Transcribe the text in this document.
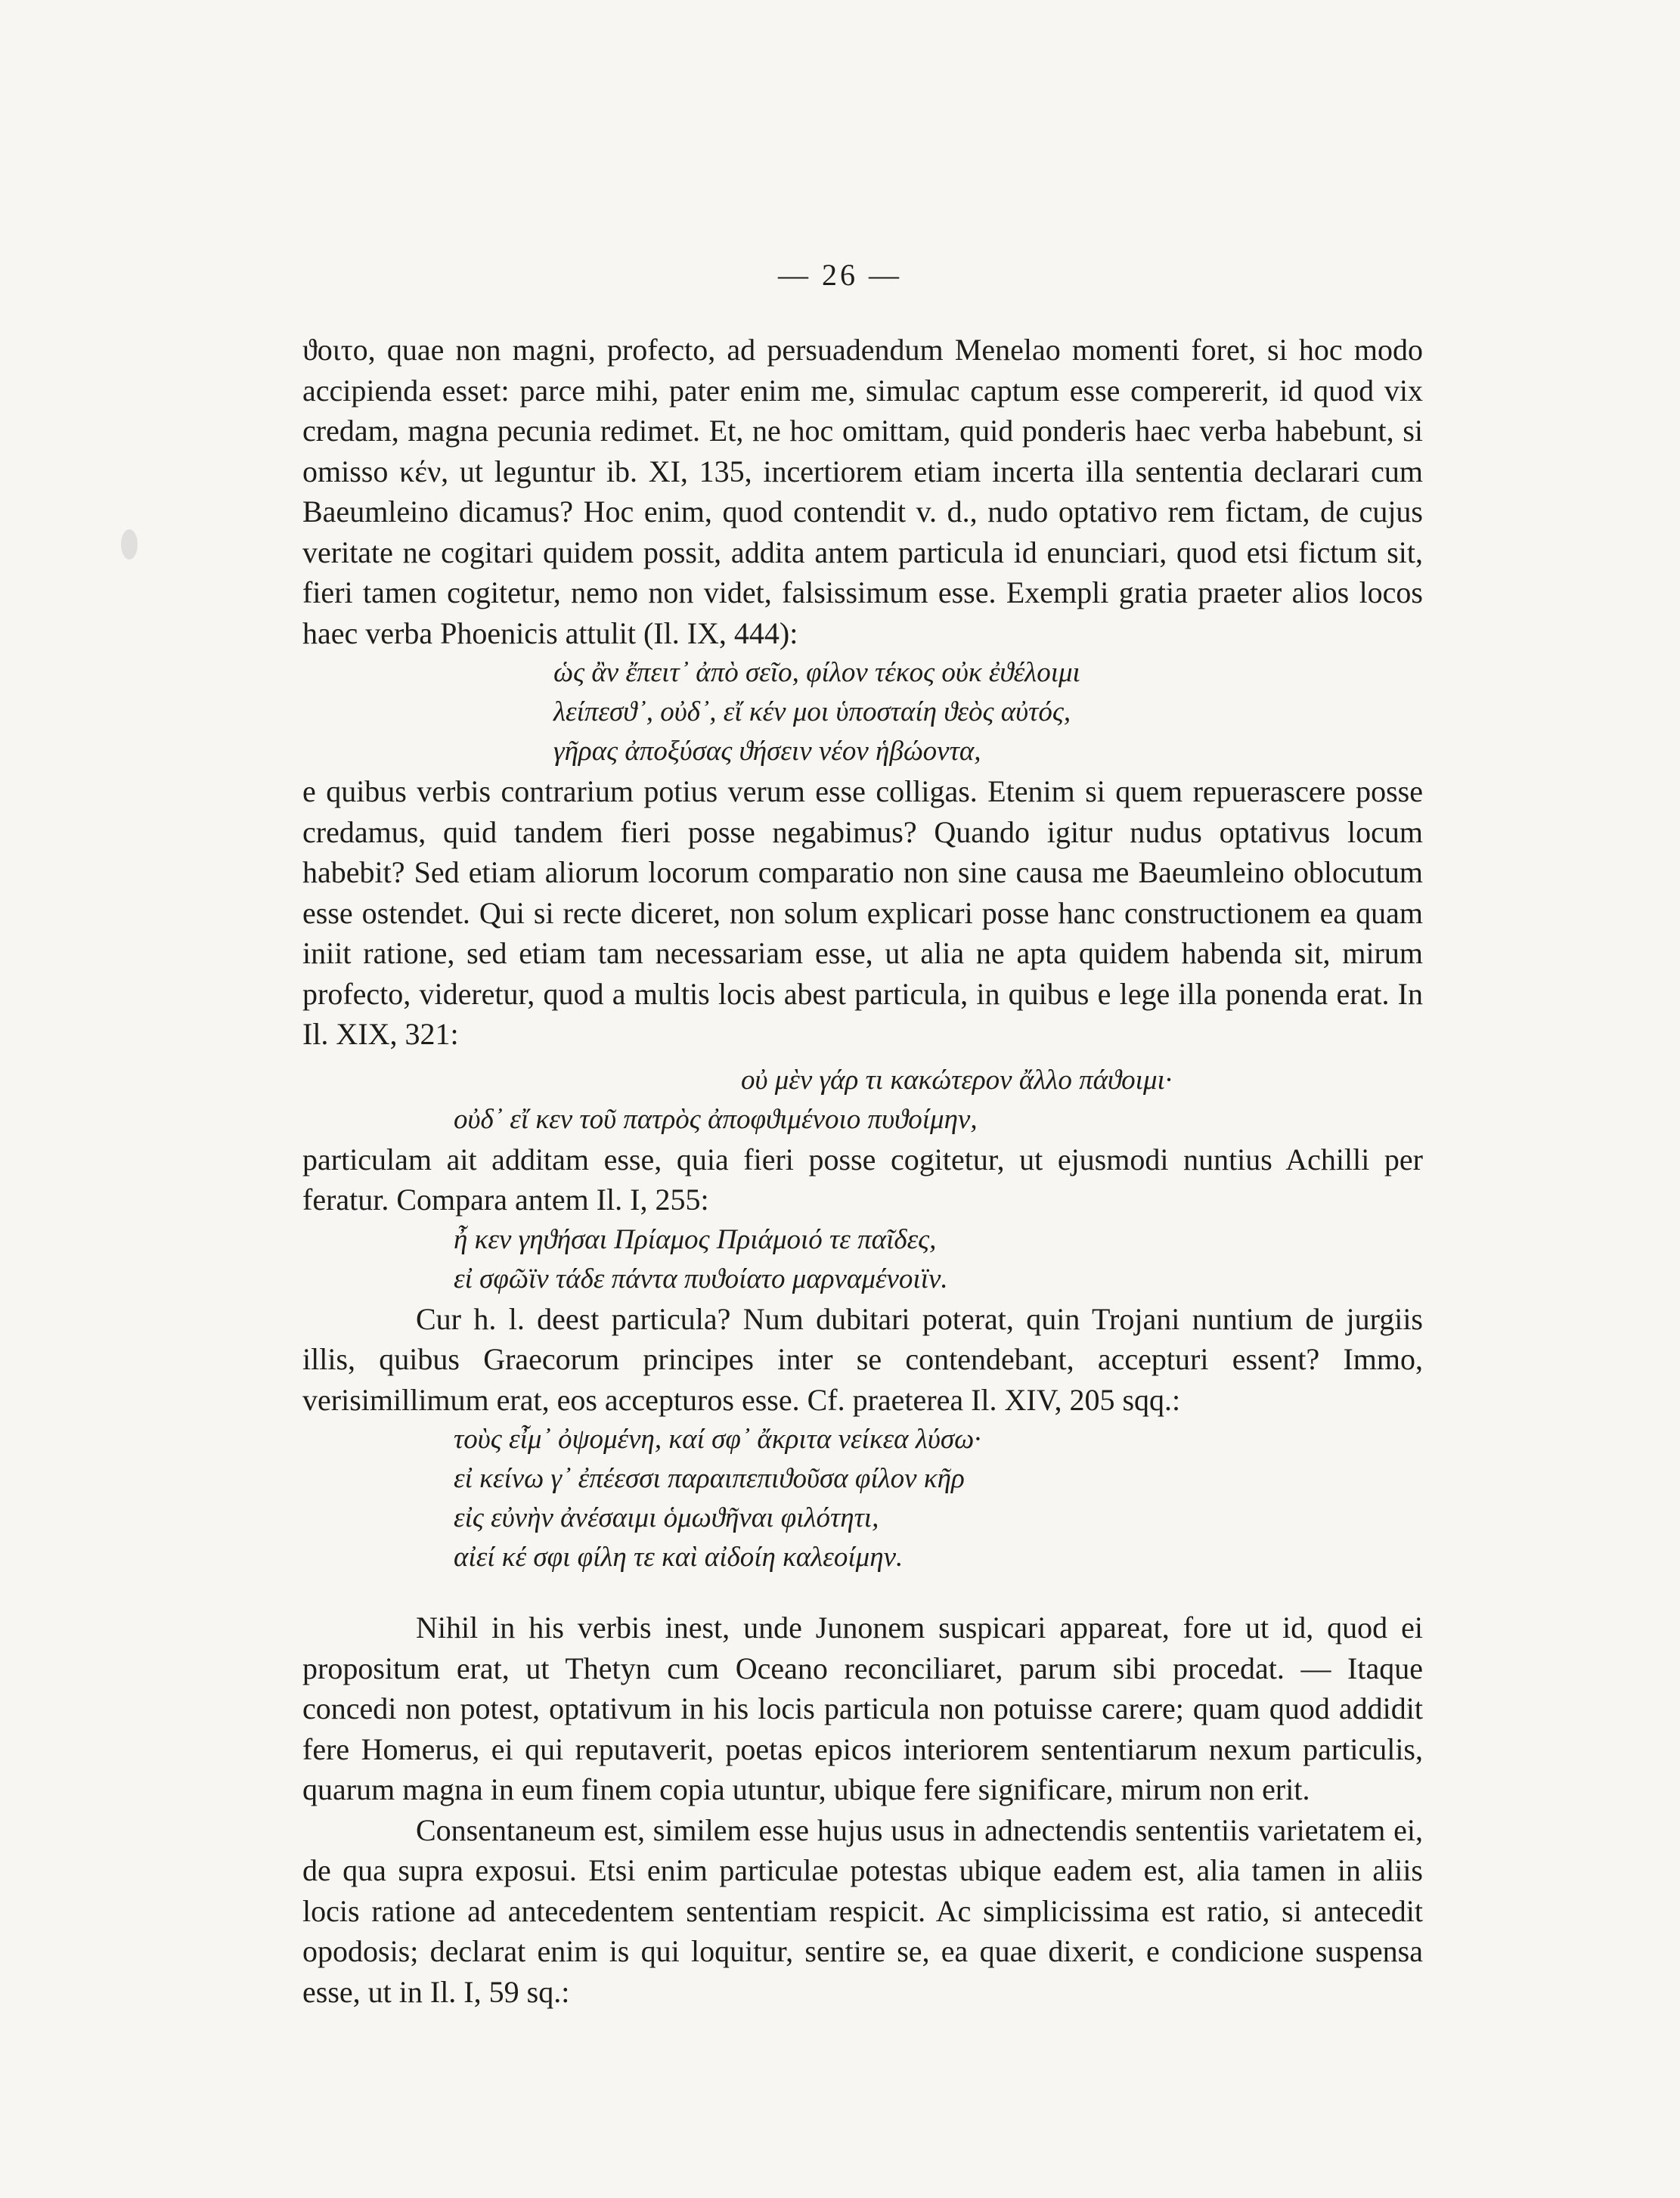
— 26 —

ϑοιτο, quae non magni, profecto, ad persuadendum Menelao momenti foret, si hoc modo accipienda esset: parce mihi, pater enim me, simulac captum esse compererit, id quod vix credam, magna pecunia redimet. Et, ne hoc omittam, quid ponderis haec verba habebunt, si omisso κέν, ut leguntur ib. XI, 135, incertiorem etiam incerta illa sententia declarari cum Baeumleino dicamus? Hoc enim, quod contendit v. d., nudo optativo rem fictam, de cujus veritate ne cogitari quidem possit, addita antem particula id enunciari, quod etsi fictum sit, fieri tamen cogitetur, nemo non videt, falsissimum esse. Exempli gratia praeter alios locos haec verba Phoenicis attulit (Il. IX, 444):

ὡς ἂν ἔπειτ᾽ ἀπὸ σεῖο, φίλον τέκος οὐκ ἐϑέλοιμι
λείπεσϑ᾽, οὐδ᾽, εἴ κέν μοι ὑποσταίη ϑεὸς αὐτός,
γῆρας ἀποξύσας ϑήσειν νέον ἡβώοντα,

e quibus verbis contrarium potius verum esse colligas. Etenim si quem repuerascere posse credamus, quid tandem fieri posse negabimus? Quando igitur nudus optativus locum habebit? Sed etiam aliorum locorum comparatio non sine causa me Baeumleino oblocutum esse ostendet. Qui si recte diceret, non solum explicari posse hanc constructionem ea quam iniit ratione, sed etiam tam necessariam esse, ut alia ne apta quidem habenda sit, mirum profecto, videretur, quod a multis locis abest particula, in quibus e lege illa ponenda erat. In Il. XIX, 321:

οὐ μὲν γάρ τι κακώτερον ἄλλο πάϑοιμι·
οὐδ᾽ εἴ κεν τοῦ πατρὸς ἀποφϑιμένοιο πυϑοίμην,

particulam ait additam esse, quia fieri posse cogitetur, ut ejusmodi nuntius Achilli per feratur. Compara antem Il. I, 255:

ἦ κεν γηϑήσαι Πρίαμος Πριάμοιό τε παῖδες,
εἰ σφῶϊν τάδε πάντα πυϑοίατο μαρναμένοιϊν.

Cur h. l. deest particula? Num dubitari poterat, quin Trojani nuntium de jurgiis illis, quibus Graecorum principes inter se contendebant, accepturi essent? Immo, verisimillimum erat, eos accepturos esse. Cf. praeterea Il. XIV, 205 sqq.:

τοὺς εἶμ᾽ ὀψομένη, καί σφ᾽ ἄκριτα νείκεα λύσω·
εἰ κείνω γ᾽ ἐπέεσσι παραιπεπιϑοῦσα φίλον κῆρ
εἰς εὐνὴν ἀνέσαιμι ὁμωϑῆναι φιλότητι,
αἰεί κέ σφι φίλη τε καὶ αἰδοίη καλεοίμην.

Nihil in his verbis inest, unde Junonem suspicari appareat, fore ut id, quod ei propositum erat, ut Thetyn cum Oceano reconciliaret, parum sibi procedat. — Itaque concedi non potest, optativum in his locis particula non potuisse carere; quam quod addidit fere Homerus, ei qui reputaverit, poetas epicos interiorem sententiarum nexum particulis, quarum magna in eum finem copia utuntur, ubique fere significare, mirum non erit.

Consentaneum est, similem esse hujus usus in adnectendis sententiis varietatem ei, de qua supra exposui. Etsi enim particulae potestas ubique eadem est, alia tamen in aliis locis ratione ad antecedentem sententiam respicit. Ac simplicissima est ratio, si antecedit opodosis; declarat enim is qui loquitur, sentire se, ea quae dixerit, e condicione suspensa esse, ut in Il. I, 59 sq.:
